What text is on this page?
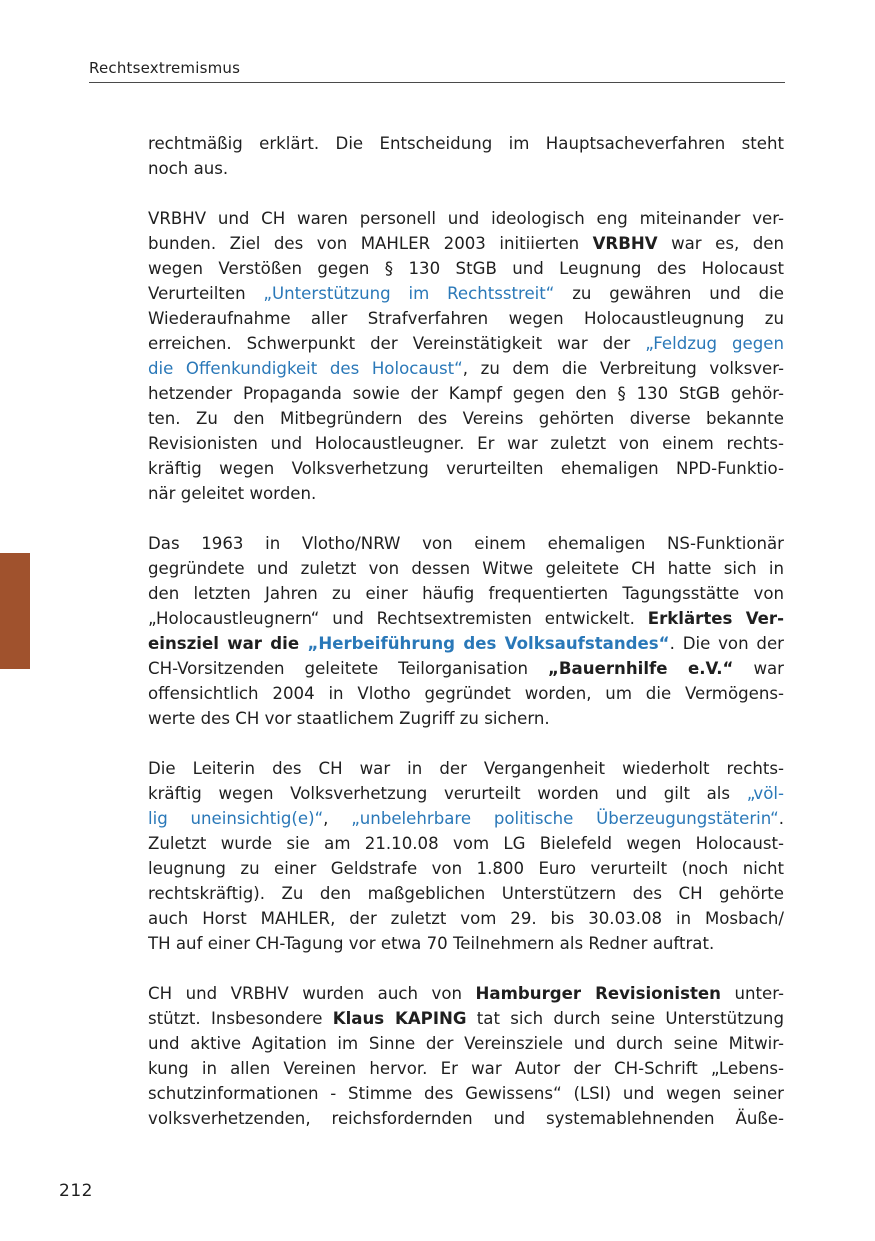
Rechtsextremismus

rechtmäßig erklärt. Die Entscheidung im Hauptsacheverfahren steht
noch aus.

VRBHV und CH waren personell und ideologisch eng miteinander ver-
bunden. Ziel des von MAHLER 2003 initiierten VRBHV war es, den
wegen Verstößen gegen § 130 StGB und Leugnung des Holocaust
Verurteilten „Unterstützung im Rechtsstreit“ zu gewähren und die
Wiederaufnahme aller Strafverfahren wegen Holocaustleugnung zu
erreichen. Schwerpunkt der Vereinstätigkeit war der „Feldzug gegen
die Offenkundigkeit des Holocaust“, zu dem die Verbreitung volksver-
hetzender Propaganda sowie der Kampf gegen den § 130 StGB gehör-
ten. Zu den Mitbegründern des Vereins gehörten diverse bekannte
Revisionisten und Holocaustleugner. Er war zuletzt von einem rechts-
kräftig wegen Volksverhetzung verurteilten ehemaligen NPD-Funktio-
när geleitet worden.

Das 1963 in Vlotho/NRW von einem ehemaligen NS-Funktionär
gegründete und zuletzt von dessen Witwe geleitete CH hatte sich in
den letzten Jahren zu einer häufig frequentierten Tagungsstätte von
„Holocaustleugnern“ und Rechtsextremisten entwickelt. Erklärtes Ver-
einsziel war die „Herbeiführung des Volksaufstandes“. Die von der
CH-Vorsitzenden geleitete Teilorganisation „Bauernhilfe e.V.“ war
offensichtlich 2004 in Vlotho gegründet worden, um die Vermögens-
werte des CH vor staatlichem Zugriff zu sichern.

Die Leiterin des CH war in der Vergangenheit wiederholt rechts-
kräftig wegen Volksverhetzung verurteilt worden und gilt als „völ-
lig uneinsichtig(e)“, „unbelehrbare politische Überzeugungstäterin“.
Zuletzt wurde sie am 21.10.08 vom LG Bielefeld wegen Holocaust-
leugnung zu einer Geldstrafe von 1.800 Euro verurteilt (noch nicht
rechtskräftig). Zu den maßgeblichen Unterstützern des CH gehörte
auch Horst MAHLER, der zuletzt vom 29. bis 30.03.08 in Mosbach/
TH auf einer CH-Tagung vor etwa 70 Teilnehmern als Redner auftrat.

CH und VRBHV wurden auch von Hamburger Revisionisten unter-
stützt. Insbesondere Klaus KAPING tat sich durch seine Unterstützung
und aktive Agitation im Sinne der Vereinsziele und durch seine Mitwir-
kung in allen Vereinen hervor. Er war Autor der CH-Schrift „Lebens-
schutzinformationen - Stimme des Gewissens“ (LSI) und wegen seiner
volksverhetzenden, reichsfordernden und systemablehnenden Äuße-

212
